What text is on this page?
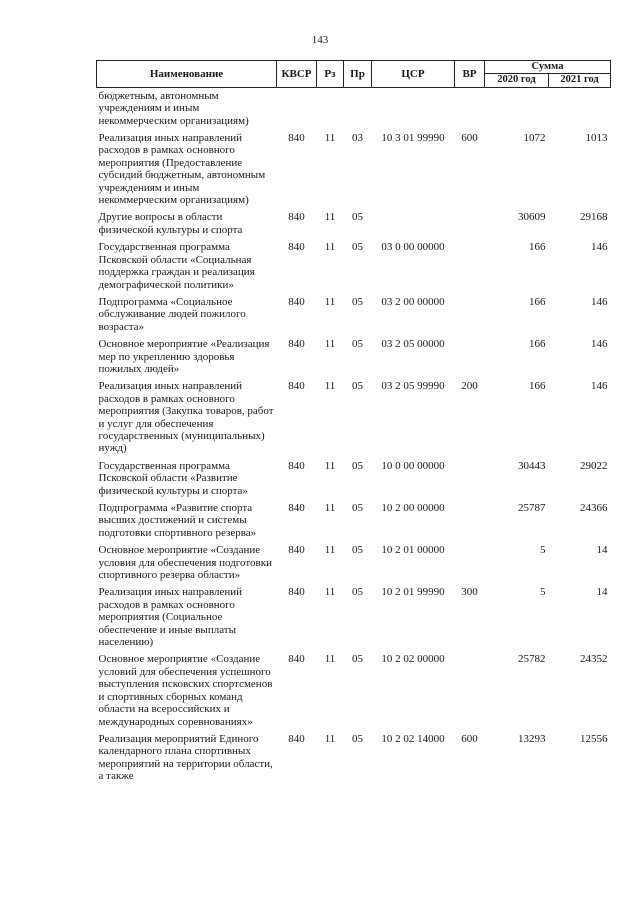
143
Наименование	КВСР	Рз	Пр	ЦСР	ВР	Сумма	
						2020 год	2021 год
бюджетным, автономным учреждениям и иным некоммерческим организациям)							
Реализация иных направлений расходов в рамках основного мероприятия (Предоставление субсидий бюджетным, автономным учреждениям и иным некоммерческим организациям)	840	11	03	10 3 01 99990	600	1072	1013
Другие вопросы в области физической культуры и спорта	840	11	05			30609	29168
Государственная программа Псковской области «Социальная поддержка граждан и реализация демографической политики»	840	11	05	03 0 00 00000		166	146
Подпрограмма «Социальное обслуживание людей пожилого возраста»	840	11	05	03 2 00 00000		166	146
Основное мероприятие «Реализация мер по укреплению здоровья пожилых людей»	840	11	05	03 2 05 00000		166	146
Реализация иных направлений расходов в рамках основного мероприятия (Закупка товаров, работ и услуг для обеспечения государственных (муниципальных) нужд)	840	11	05	03 2 05 99990	200	166	146
Государственная программа Псковской области «Развитие физической культуры и спорта»	840	11	05	10 0 00 00000		30443	29022
Подпрограмма «Развитие спорта высших достижений и системы подготовки спортивного резерва»	840	11	05	10 2 00 00000		25787	24366
Основное мероприятие «Создание условия для обеспечения подготовки спортивного резерва области»	840	11	05	10 2 01 00000		5	14
Реализация иных направлений расходов в рамках основного мероприятия (Социальное обеспечение и иные выплаты населению)	840	11	05	10 2 01 99990	300	5	14
Основное мероприятие «Создание условий для обеспечения успешного выступления псковских спортсменов и спортивных сборных команд области на всероссийских и международных соревнованиях»	840	11	05	10 2 02 00000		25782	24352
Реализация мероприятий Единого календарного плана спортивных мероприятий на территории области, а также	840	11	05	10 2 02 14000	600	13293	12556
